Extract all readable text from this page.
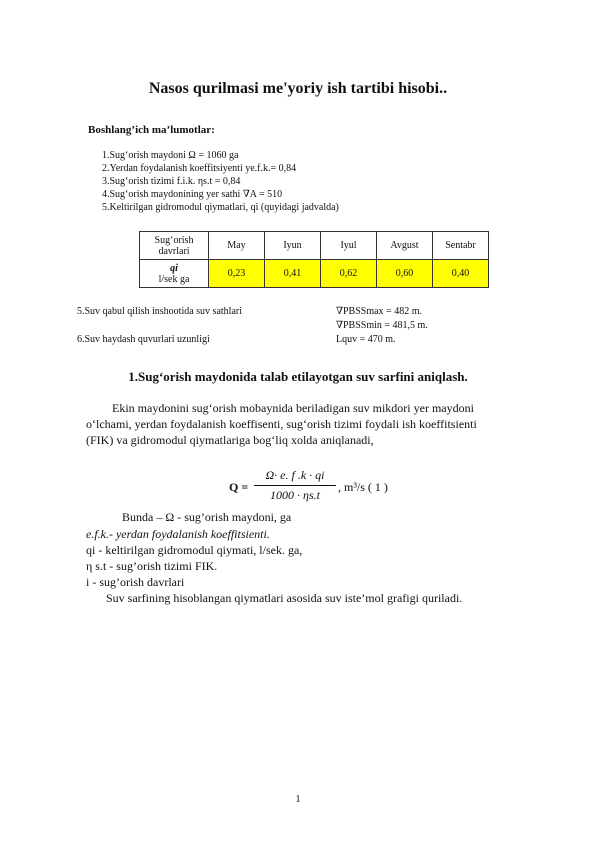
Nasos qurilmasi me'yoriy ish tartibi hisobi..
Boshlang’ich ma’lumotlar:
1.Sug‘orish maydoni Ω = 1060 ga
2.Yerdan foydalanish koeffitsiyenti ye.f.k.= 0,84
3.Sug‘orish tizimi f.i.k. ηs.t = 0,84
4.Sug‘orish maydonining yer sathi ∇A = 510
5.Keltirilgan gidromodul qiymatlari, qi (quyidagi jadvalda)
Sug‘orish davrlari	May	Iyun	Iyul	Avgust	Sentabr

qi
l/sek ga	0,23	0,41	0,62	0,60	0,40
5.Suv qabul qilish inshootida suv sathlari	∇PBSSmax = 482 m.
∇PBSSmin = 481,5 m.
6.Suv haydash quvurlari uzunligi	Lquv = 470 m.
1.Sug‘orish maydonida talab etilayotgan suv sarfini aniqlash.
Ekin maydonini sug‘orish mobaynida beriladigan suv mikdori yer maydoni
o‘lchami, yerdan foydalanish koeffisenti, sug‘orish tizimi foydali ish koeffitsienti
(FIK) va gidromodul qiymatlariga bog‘liq xolda aniqlanadi,
$Q = \frac{\Omega\cdot e. f .k \cdot qi}{1000 \cdot \eta s.t}$ , m³/s ( 1 )
Bunda – Ω - sug’orish maydoni, ga
e.f.k.- yerdan foydalanish koeffitsienti.
qi - keltirilgan gidromodul qiymati, l/sek. ga,
η s.t - sug’orish tizimi FIK.
i - sug’orish davrlari
Suv sarfining hisoblangan qiymatlari asosida suv iste’mol grafigi quriladi.
1
